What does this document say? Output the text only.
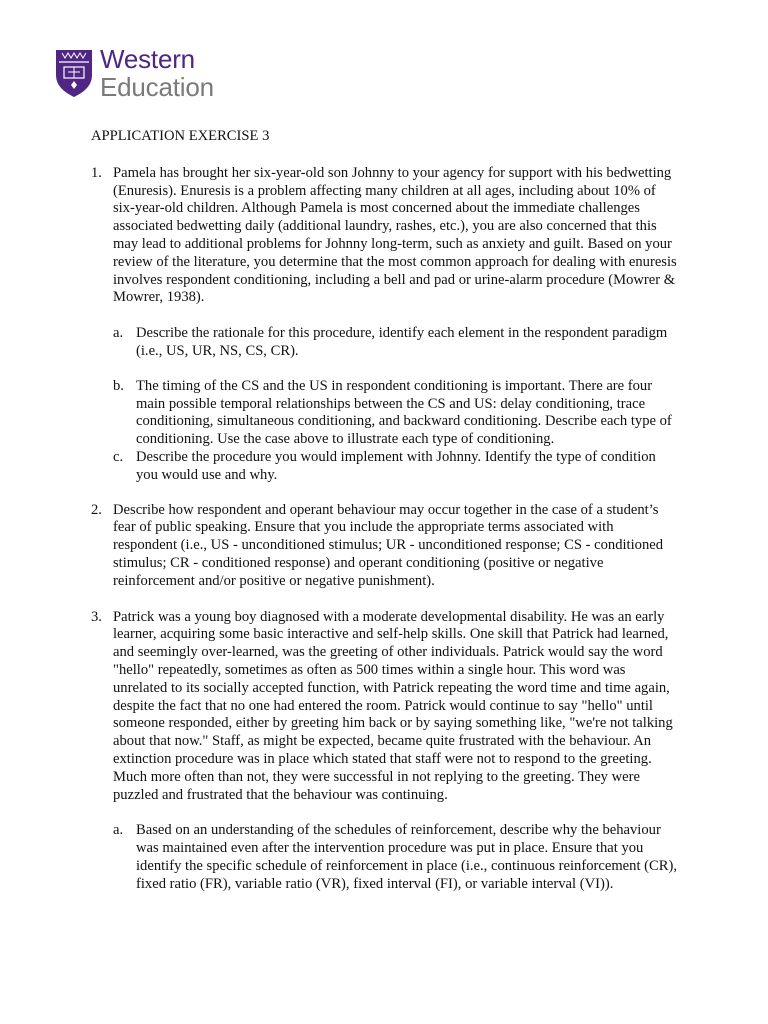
Western
Education

APPLICATION EXERCISE 3

1. Pamela has brought her six-year-old son Johnny to your agency for support with his bedwetting (Enuresis). Enuresis is a problem affecting many children at all ages, including about 10% of six-year-old children. Although Pamela is most concerned about the immediate challenges associated bedwetting daily (additional laundry, rashes, etc.), you are also concerned that this may lead to additional problems for Johnny long-term, such as anxiety and guilt. Based on your review of the literature, you determine that the most common approach for dealing with enuresis involves respondent conditioning, including a bell and pad or urine-alarm procedure (Mowrer & Mowrer, 1938).

a. Describe the rationale for this procedure, identify each element in the respondent paradigm (i.e., US, UR, NS, CS, CR).

b. The timing of the CS and the US in respondent conditioning is important. There are four main possible temporal relationships between the CS and US: delay conditioning, trace conditioning, simultaneous conditioning, and backward conditioning. Describe each type of conditioning. Use the case above to illustrate each type of conditioning.

c. Describe the procedure you would implement with Johnny. Identify the type of condition you would use and why.

2. Describe how respondent and operant behaviour may occur together in the case of a student’s fear of public speaking. Ensure that you include the appropriate terms associated with respondent (i.e., US - unconditioned stimulus; UR - unconditioned response; CS - conditioned stimulus; CR - conditioned response) and operant conditioning (positive or negative reinforcement and/or positive or negative punishment).

3. Patrick was a young boy diagnosed with a moderate developmental disability. He was an early learner, acquiring some basic interactive and self-help skills. One skill that Patrick had learned, and seemingly over-learned, was the greeting of other individuals. Patrick would say the word "hello" repeatedly, sometimes as often as 500 times within a single hour. This word was unrelated to its socially accepted function, with Patrick repeating the word time and time again, despite the fact that no one had entered the room. Patrick would continue to say "hello" until someone responded, either by greeting him back or by saying something like, "we're not talking about that now." Staff, as might be expected, became quite frustrated with the behaviour. An extinction procedure was in place which stated that staff were not to respond to the greeting. Much more often than not, they were successful in not replying to the greeting. They were puzzled and frustrated that the behaviour was continuing.

a. Based on an understanding of the schedules of reinforcement, describe why the behaviour was maintained even after the intervention procedure was put in place. Ensure that you identify the specific schedule of reinforcement in place (i.e., continuous reinforcement (CR), fixed ratio (FR), variable ratio (VR), fixed interval (FI), or variable interval (VI)).
